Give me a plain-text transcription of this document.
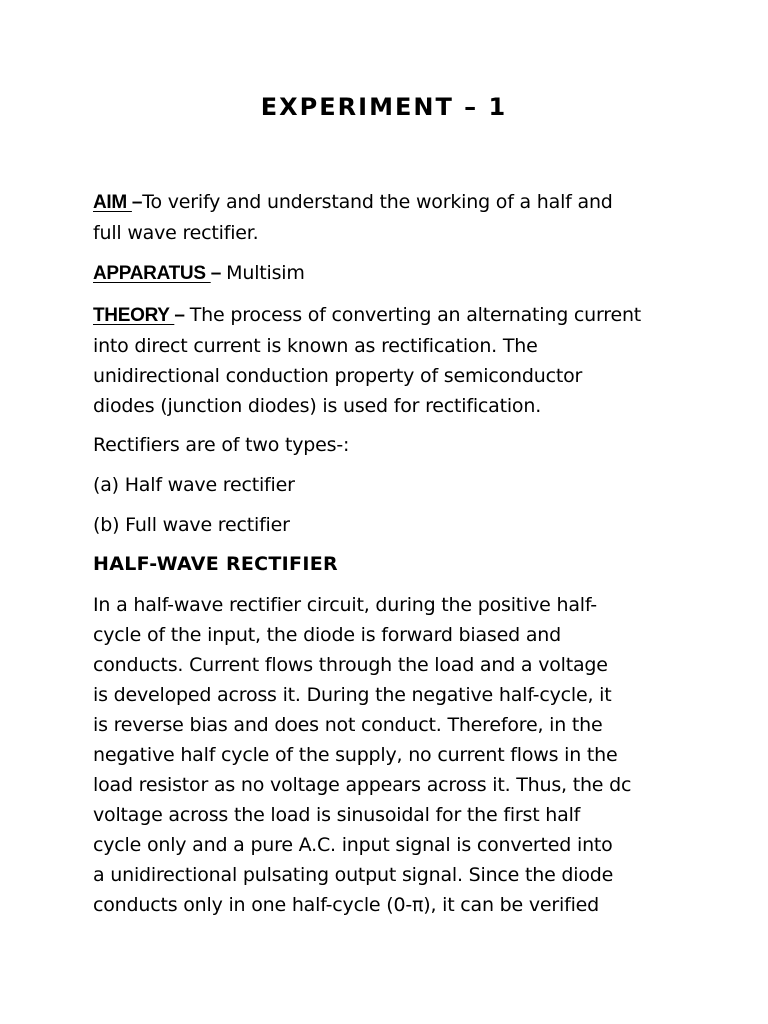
EXPERIMENT – 1
AIM –To verify and understand the working of a half and
full wave rectifier.
APPARATUS – Multisim
THEORY – The process of converting an alternating current
into direct current is known as rectification. The
unidirectional conduction property of semiconductor
diodes (junction diodes) is used for rectification.
Rectifiers are of two types-:
(a) Half wave rectifier
(b) Full wave rectifier
HALF-WAVE RECTIFIER
In a half-wave rectifier circuit, during the positive half-
cycle of the input, the diode is forward biased and
conducts. Current flows through the load and a voltage
is developed across it. During the negative half-cycle, it
is reverse bias and does not conduct. Therefore, in the
negative half cycle of the supply, no current flows in the
load resistor as no voltage appears across it. Thus, the dc
voltage across the load is sinusoidal for the first half
cycle only and a pure A.C. input signal is converted into
a unidirectional pulsating output signal. Since the diode
conducts only in one half-cycle (0-π), it can be verified
